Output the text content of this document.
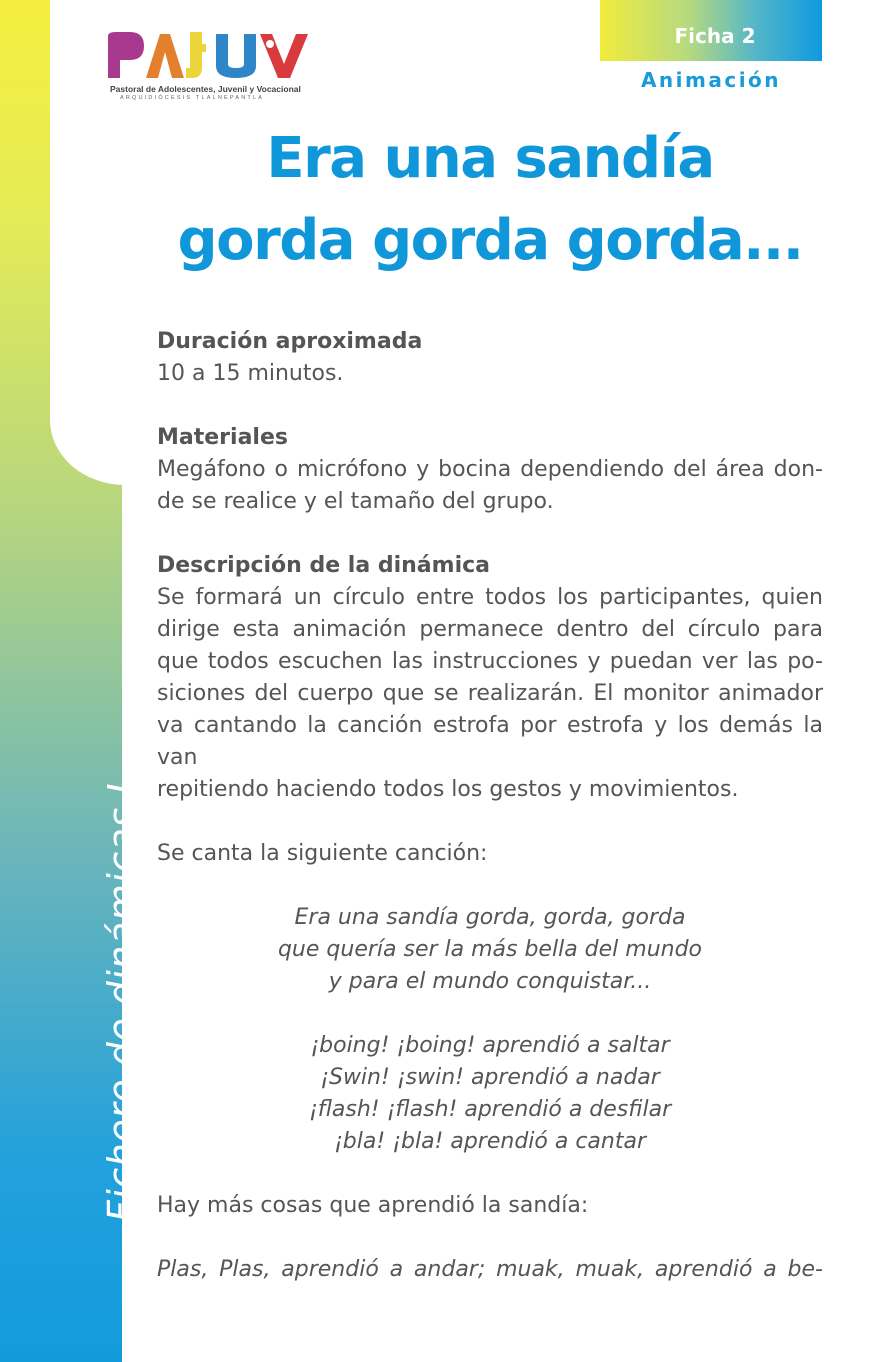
Fichero de dinámicas I
Pastoral de Adolescentes, Juvenil y Vocacional
ARQUIDIÓCESIS TLALNEPANTLA
Ficha 2
Animación
Era una sandía
gorda gorda gorda...

Duración aproximada

10 a 15 minutos.

Materiales

Megáfono o micrófono y bocina dependiendo del área don-

de se realice y el tamaño del grupo.

Descripción de la dinámica

Se formará un círculo entre todos los participantes, quien

dirige esta animación permanece dentro del círculo para

que todos escuchen las instrucciones y puedan ver las po-

siciones del cuerpo que se realizarán. El monitor animador

va cantando la canción estrofa por estrofa y los demás la van

repitiendo haciendo todos los gestos y movimientos.

Se canta la siguiente canción:

Era una sandía gorda, gorda, gorda

que quería ser la más bella del mundo

y para el mundo conquistar...

¡boing! ¡boing! aprendió a saltar

¡Swin! ¡swin! aprendió a nadar

¡flash! ¡flash! aprendió a desfilar

¡bla! ¡bla! aprendió a cantar

Hay más cosas que aprendió la sandía:

Plas, Plas, aprendió a andar; muak, muak, aprendió a be-
